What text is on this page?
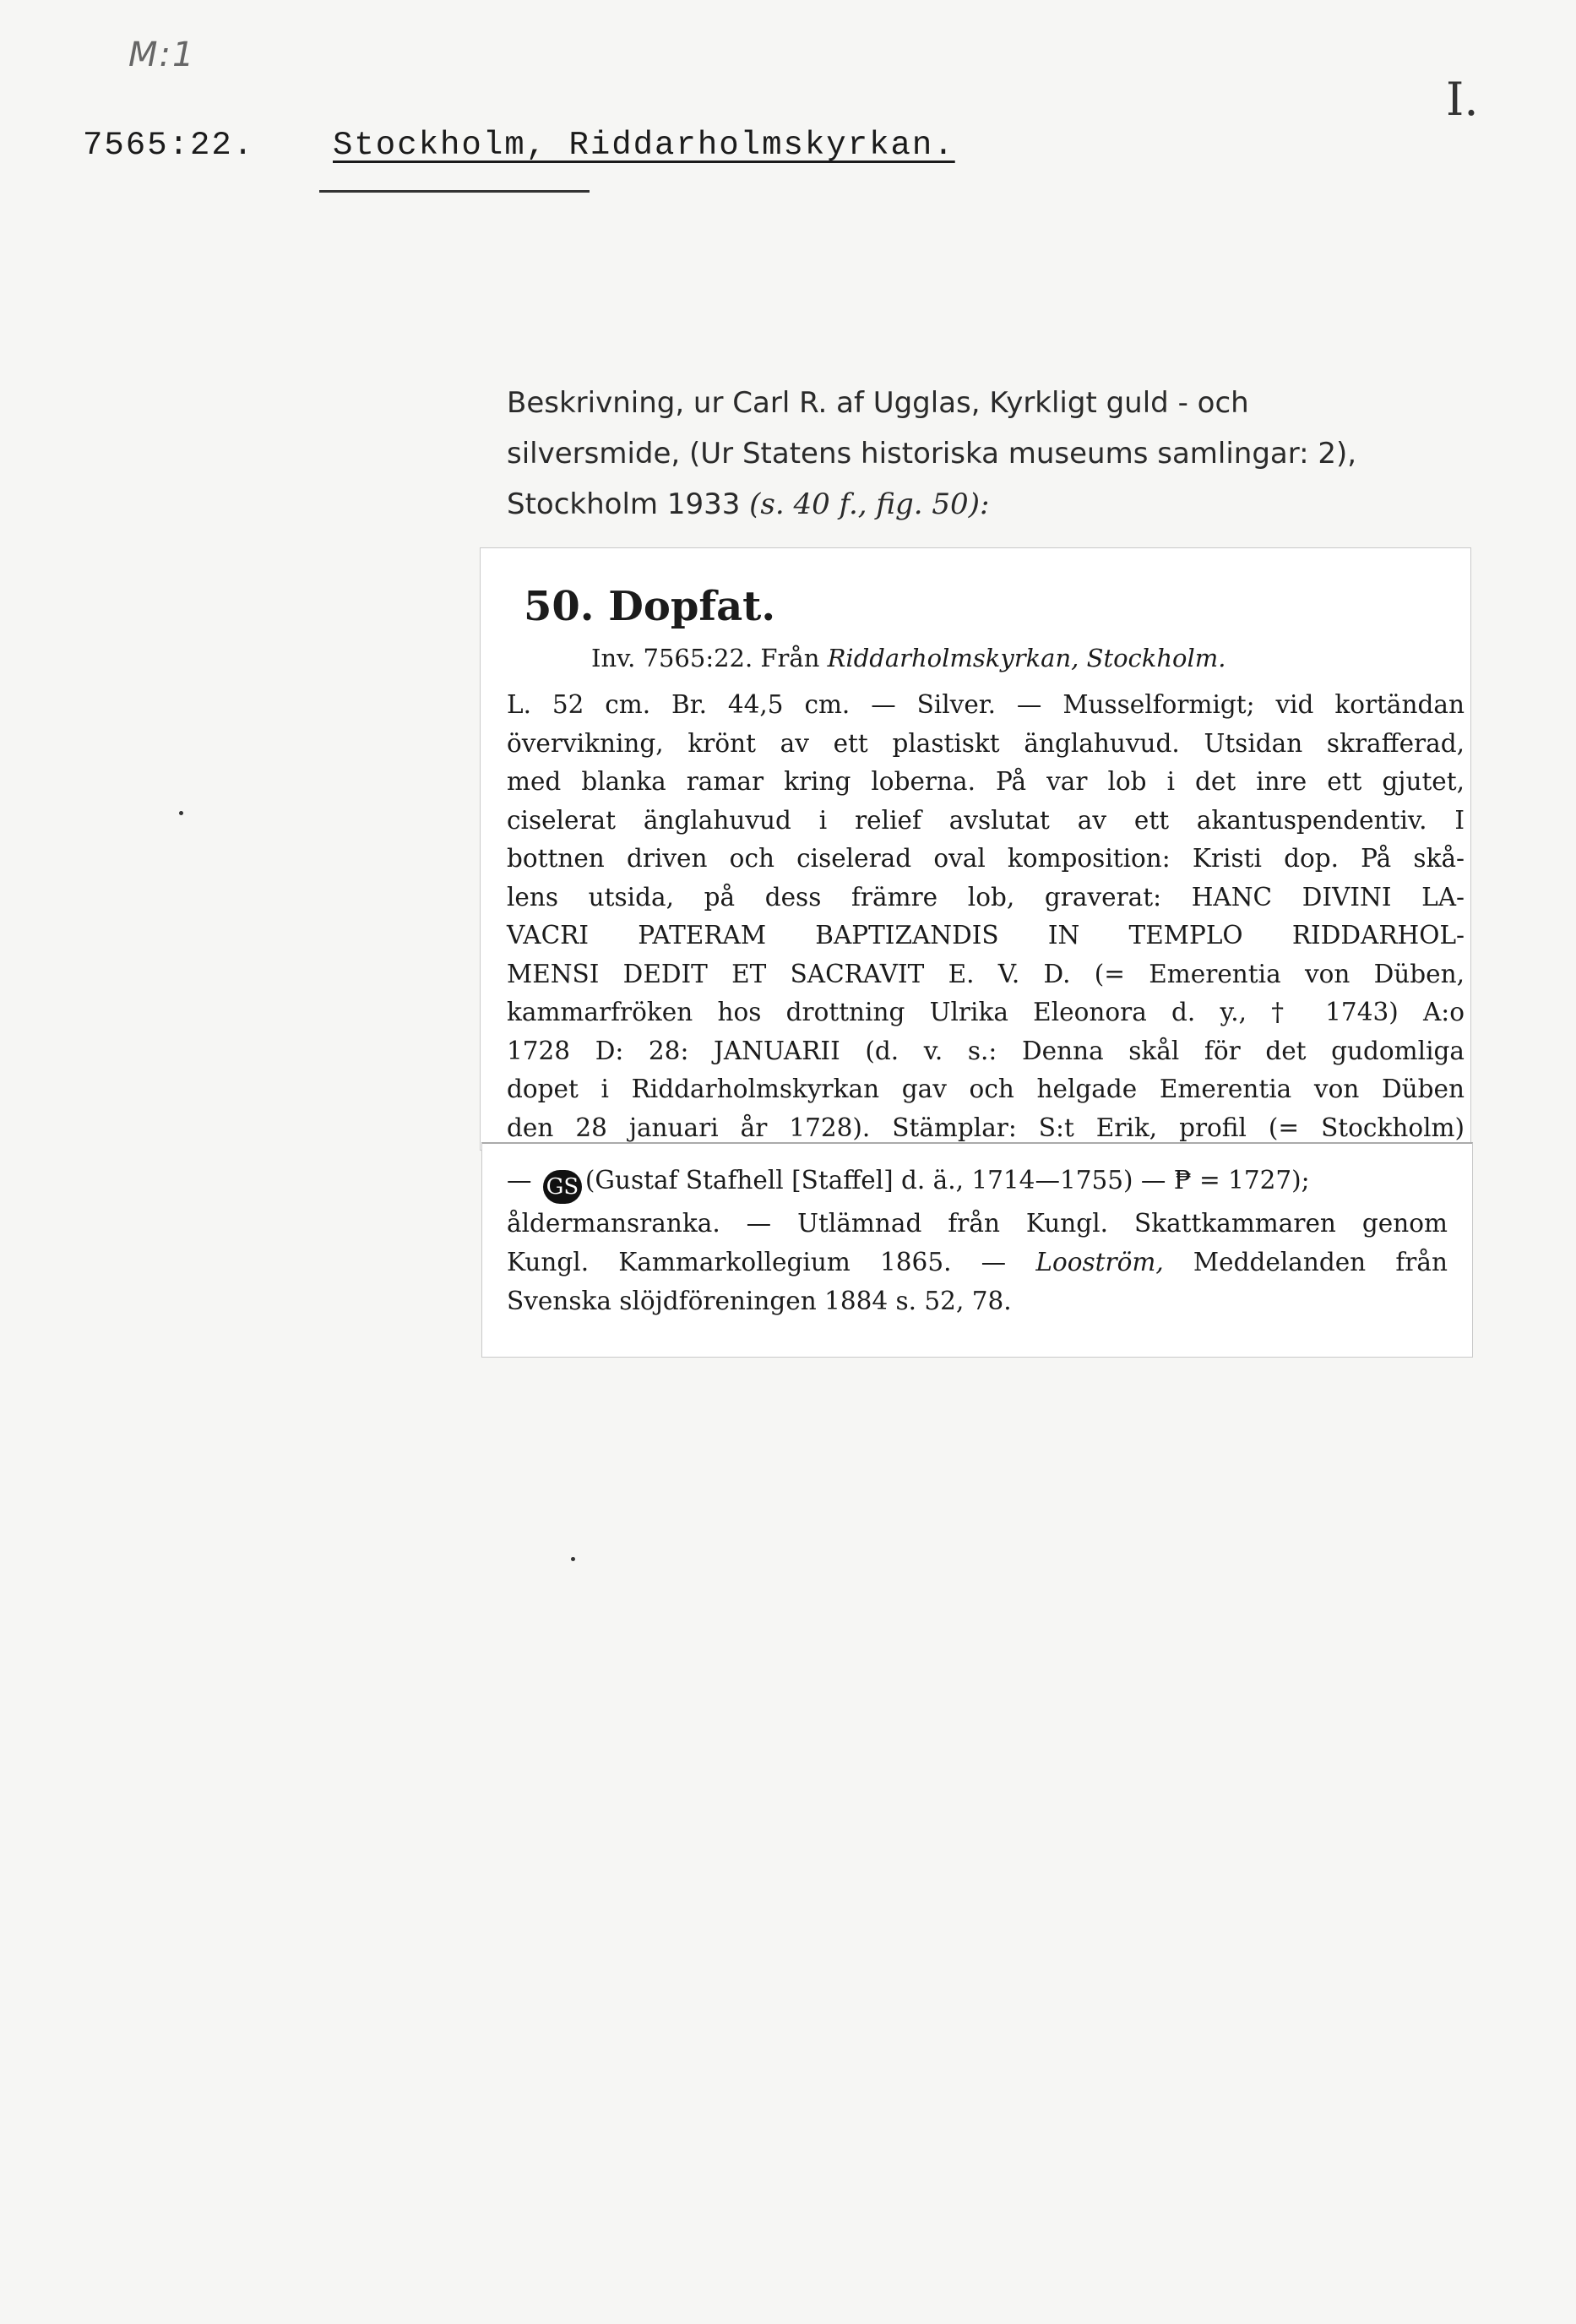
M:1
I.
7565:22. Stockholm, Riddarholmskyrkan.
Beskrivning, ur Carl R. af Ugglas, Kyrkligt guld - och
silversmide, (Ur Statens historiska museums samlingar: 2),
Stockholm 1933 (s. 40 f., fig. 50):
50. Dopfat.
Inv. 7565:22. Från Riddarholmskyrkan, Stockholm.
L. 52 cm. Br. 44,5 cm. — Silver. — Musselformigt; vid kortändan
övervikning, krönt av ett plastiskt änglahuvud. Utsidan skrafferad,
med blanka ramar kring loberna. På var lob i det inre ett gjutet,
ciselerat änglahuvud i relief avslutat av ett akantuspendentiv. I
bottnen driven och ciselerad oval komposition: Kristi dop. På skå-
lens utsida, på dess främre lob, graverat: HANC DIVINI LA-
VACRI PATERAM BAPTIZANDIS IN TEMPLO RIDDARHOL-
MENSI DEDIT ET SACRAVIT E. V. D. (= Emerentia von Düben,
kammarfröken hos drottning Ulrika Eleonora d. y., † 1743) A:o
1728 D: 28: JANUARII (d. v. s.: Denna skål för det gudomliga
dopet i Riddarholmskyrkan gav och helgade Emerentia von Düben
den 28 januari år 1728). Stämplar: S:t Erik, profil (= Stockholm)
— GS (Gustaf Stafhell [Staffel] d. ä., 1714—1755) — ₱ = 1727);
åldermansranka. — Utlämnad från Kungl. Skattkammaren genom
Kungl. Kammarkollegium 1865. — Looström, Meddelanden från
Svenska slöjdföreningen 1884 s. 52, 78.
